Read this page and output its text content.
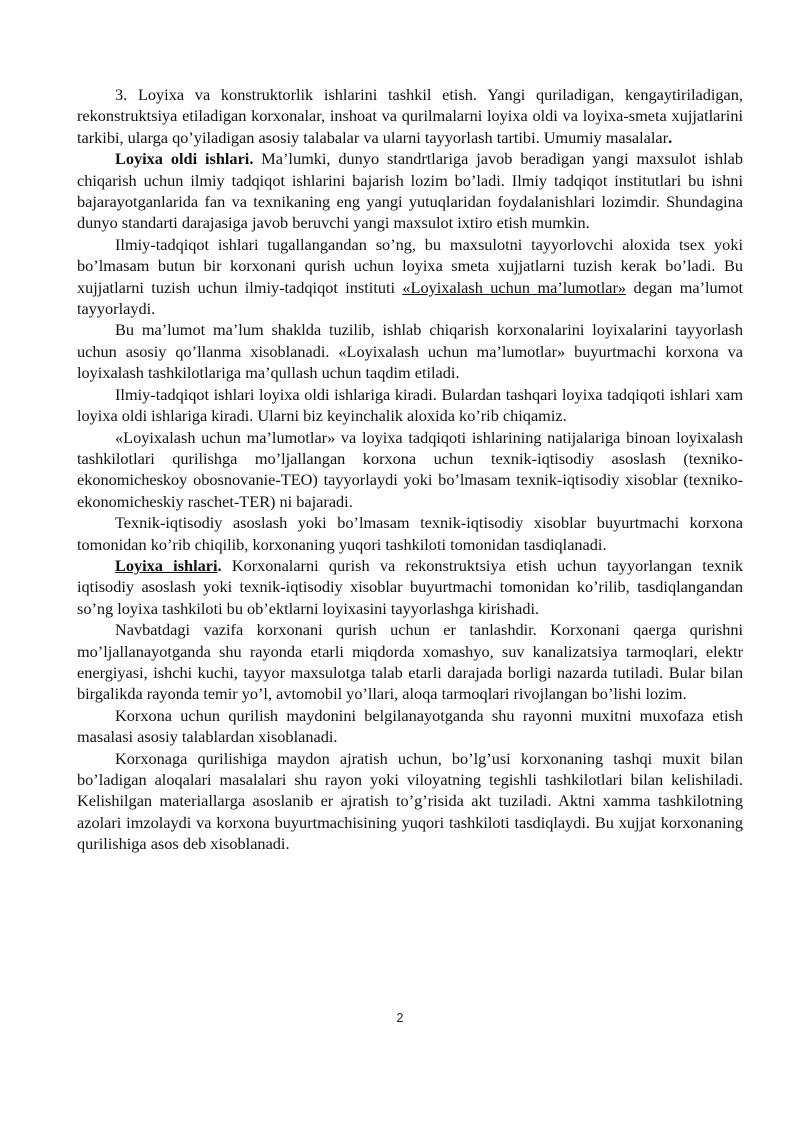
3. Loyixa va konstruktorlik ishlarini tashkil etish. Yangi quriladigan, kengaytiriladigan, rekonstruktsiya etiladigan korxonalar, inshoat va qurilmalarni loyixa oldi va loyixa-smeta xujjatlarini tarkibi, ularga qo’yiladigan asosiy talabalar va ularni tayyorlash tartibi. Umumiy masalalar.

Loyixa oldi ishlari. Ma’lumki, dunyo standrtlariga javob beradigan yangi maxsulot ishlab chiqarish uchun ilmiy tadqiqot ishlarini bajarish lozim bo’ladi. Ilmiy tadqiqot institutlari bu ishni bajarayotganlarida fan va texnikaning eng yangi yutuqlaridan foydalanishlari lozimdir. Shundagina dunyo standarti darajasiga javob beruvchi yangi maxsulot ixtiro etish mumkin.

Ilmiy-tadqiqot ishlari tugallangandan so’ng, bu maxsulotni tayyorlovchi aloxida tsex yoki bo’lmasam butun bir korxonani qurish uchun loyixa smeta xujjatlarni tuzish kerak bo’ladi. Bu xujjatlarni tuzish uchun ilmiy-tadqiqot instituti «Loyixalash uchun ma’lumotlar» degan ma’lumot tayyorlaydi.

Bu ma’lumot ma’lum shaklda tuzilib, ishlab chiqarish korxonalarini loyixalarini tayyorlash uchun asosiy qo’llanma xisoblanadi. «Loyixalash uchun ma’lumotlar» buyurtmachi korxona va loyixalash tashkilotlariga ma’qullash uchun taqdim etiladi.

Ilmiy-tadqiqot ishlari loyixa oldi ishlariga kiradi. Bulardan tashqari loyixa tadqiqoti ishlari xam loyixa oldi ishlariga kiradi. Ularni biz keyinchalik aloxida ko’rib chiqamiz.

«Loyixalash uchun ma’lumotlar» va loyixa tadqiqoti ishlarining natijalariga binoan loyixalash tashkilotlari qurilishga mo’ljallangan korxona uchun texnik-iqtisodiy asoslash (texniko-ekonomicheskoy obosnovanie-TEO) tayyorlaydi yoki bo’lmasam texnik-iqtisodiy xisoblar (texniko-ekonomicheskiy raschet-TER) ni bajaradi.

Texnik-iqtisodiy asoslash yoki bo’lmasam texnik-iqtisodiy xisoblar buyurtmachi korxona tomonidan ko’rib chiqilib, korxonaning yuqori tashkiloti tomonidan tasdiqlanadi.

Loyixa ishlari. Korxonalarni qurish va rekonstruktsiya etish uchun tayyorlangan texnik iqtisodiy asoslash yoki texnik-iqtisodiy xisoblar buyurtmachi tomonidan ko’rilib, tasdiqlangandan so’ng loyixa tashkiloti bu ob’ektlarni loyixasini tayyorlashga kirishadi.

Navbatdagi vazifa korxonani qurish uchun er tanlashdir. Korxonani qaerga qurishni mo’ljallanayotganda shu rayonda etarli miqdorda xomashyo, suv kanalizatsiya tarmoqlari, elektr energiyasi, ishchi kuchi, tayyor maxsulotga talab etarli darajada borligi nazarda tutiladi. Bular bilan birgalikda rayonda temir yo’l, avtomobil yo’llari, aloqa tarmoqlari rivojlangan bo’lishi lozim.

Korxona uchun qurilish maydonini belgilanayotganda shu rayonni muxitni muxofaza etish masalasi asosiy talablardan xisoblanadi.

Korxonaga qurilishiga maydon ajratish uchun, bo’lg’usi korxonaning tashqi muxit bilan bo’ladigan aloqalari masalalari shu rayon yoki viloyatning tegishli tashkilotlari bilan kelishiladi. Kelishilgan materiallarga asoslanib er ajratish to’g’risida akt tuziladi. Aktni xamma tashkilotning azolari imzolaydi va korxona buyurtmachisining yuqori tashkiloti tasdiqlaydi. Bu xujjat korxonaning qurilishiga asos deb xisoblanadi.

2
